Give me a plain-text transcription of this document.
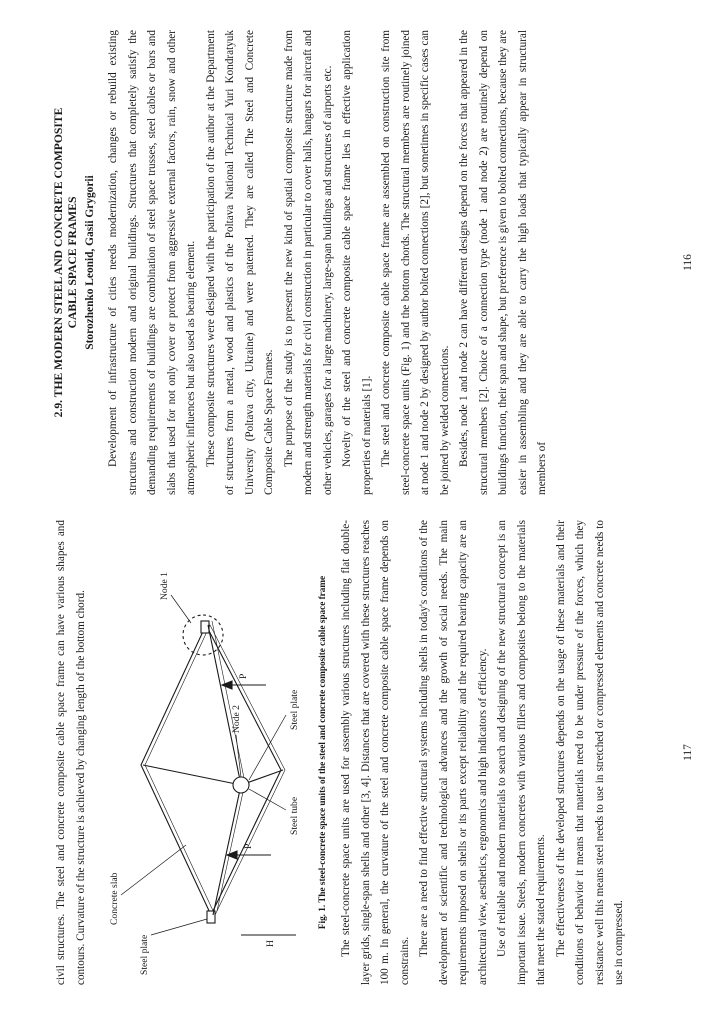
civil structures. The steel and concrete composite cable space frame can have various shapes and contours. Curvature of the structure is achieved by changing length of the bottom chord.	Concrete slab
Steel plate
Steel tube
Steel plate
Node 2
Node 1
P
P
H

Fig. 1. The steel-concrete space units of the steel and concrete composite cable space frame The steel-concrete space units are used for assembly various structures including flat double-layer grids, single-span shells and other [3, 4]. Distances that are covered with these structures reaches 100 m. In general, the curvature of the steel and concrete composite cable space frame depends on constrains.

There are a need to find effective structural systems including shells in today's conditions of the development of scientific and technological advances and the growth of social needs. The main requirements imposed on shells or its parts except reliability and the required bearing capacity are an architectural view, aesthetics, ergonomics and high indicators of efficiency. Use of reliable and modern materials to search and designing of the new structural concept is an important issue. Steels, modern concretes with various fillers and composites belong to the materials that meet the stated requirements. The effectiveness of the developed structures depends on the usage of these materials and their conditions of behavior it means that materials need to be under pressure of the forces, which they resistance well this means steel needs to use in stretched or compressed elements and concrete needs to use in compressed.

117

2.9. THE MODERN STEEL AND CONCRETE COMPOSITE CABLE SPACE FRAMES Storozhenko Leonid, Gasii Grygorii Development of infrastructure of cities needs modernization, changes or rebuild existing structures and construction modern and original buildings. Structures that completely satisfy the demanding requirements of buildings are combination of steel space trusses, steel cables or bars and slabs that used for not only cover or protect from aggressive external factors, rain, snow and other atmospheric influences but also used as bearing element. These composite structures were designed with the participation of the author at the Department of structures from a metal, wood and plastics of the Poltava National Technical Yuri Kondratyuk University (Poltava city, Ukraine) and were patented. They are called The Steel and Concrete Composite Cable Space Frames. The purpose of the study is to present the new kind of spatial composite structure made from modern and strength materials for civil construction in particular to cover halls, hangars for aircraft and other vehicles, garages for a large machinery, large-span buildings and structures of airports etc. Novelty of the steel and concrete composite cable space frame lies in effective application properties of materials [1]. The steel and concrete composite cable space frame are assembled on construction site from steel-concrete space units (Fig. 1) and the bottom chords. The structural members are routinely joined at node 1 and node 2 by designed by author bolted connections [2], but sometimes in specific cases can be joined by welded connections. Besides, node 1 and node 2 can have different designs depend on the forces that appeared in the structural members [2]. Choice of a connection type (node 1 and node 2) are routinely depend on buildings function, their span and shape, but preference is given to bolted connections, because they are easier in assembling and they are able to carry the high loads that typically appear in structural members of

116
